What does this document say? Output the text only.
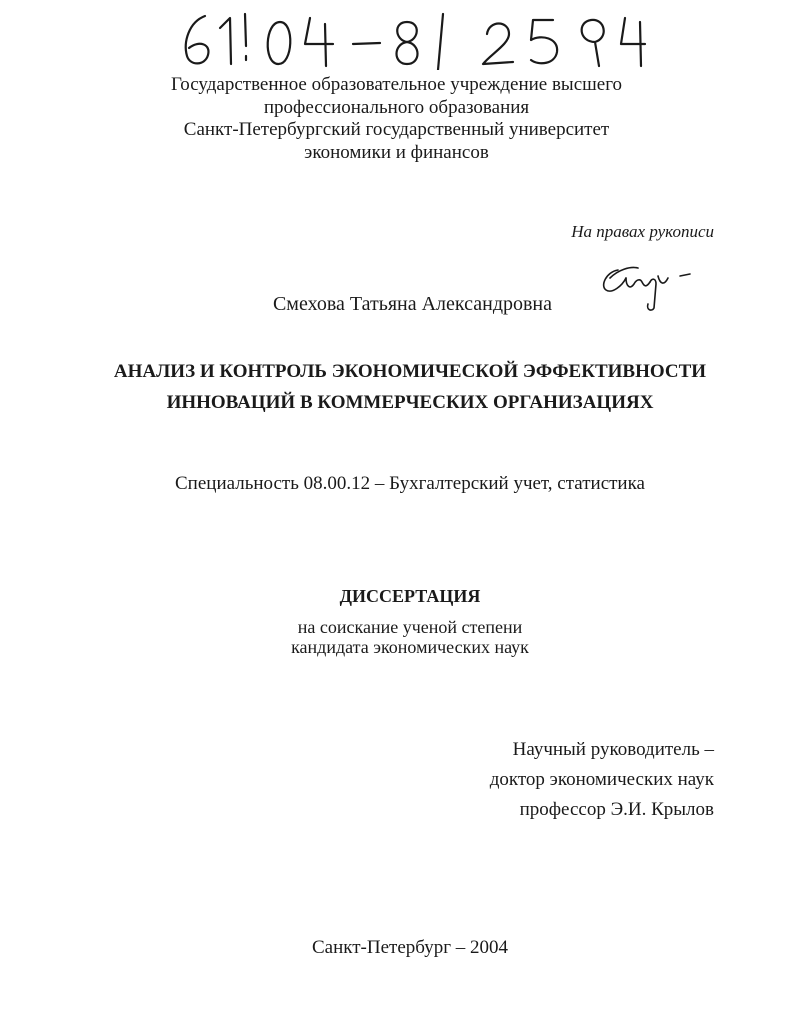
Государственное образовательное учреждение высшего
профессионального образования
Санкт-Петербургский государственный университет
экономики и финансов
На правах рукописи
Смехова Татьяна Александровна
АНАЛИЗ И КОНТРОЛЬ ЭКОНОМИЧЕСКОЙ ЭФФЕКТИВНОСТИ
ИННОВАЦИЙ В КОММЕРЧЕСКИХ ОРГАНИЗАЦИЯХ
Специальность 08.00.12 – Бухгалтерский учет, статистика
ДИССЕРТАЦИЯ
на соискание ученой степени
кандидата экономических наук
Научный руководитель –
доктор экономических наук
профессор Э.И. Крылов
Санкт-Петербург – 2004
